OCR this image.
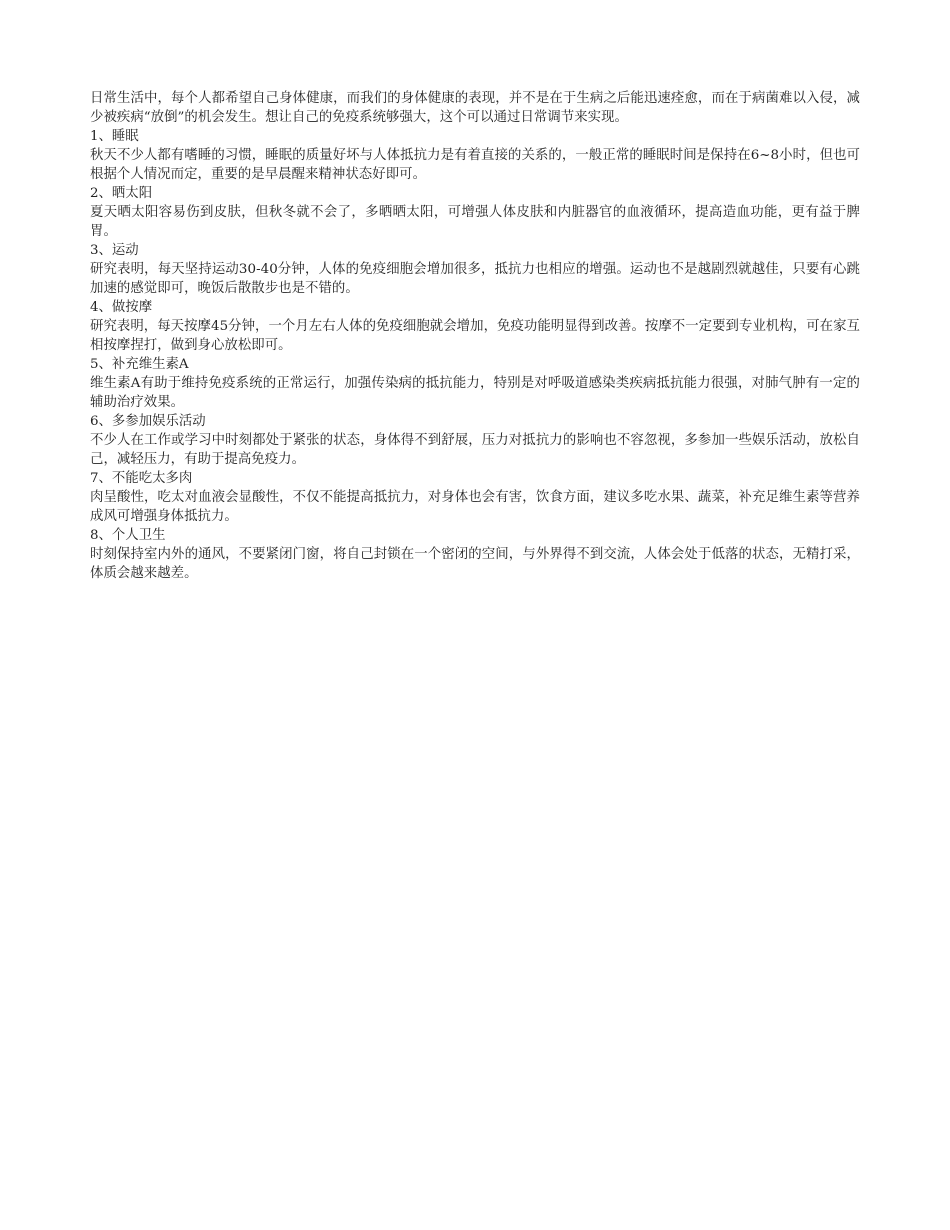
日常生活中，每个人都希望自己身体健康，而我们的身体健康的表现，并不是在于生病之后能迅速痊愈，而在于病菌难以入侵，减少被疾病“放倒”的机会发生。想让自己的免疫系统够强大，这个可以通过日常调节来实现。

1、睡眠

秋天不少人都有嗜睡的习惯，睡眠的质量好坏与人体抵抗力是有着直接的关系的，一般正常的睡眠时间是保持在6~8小时，但也可根据个人情况而定，重要的是早晨醒来精神状态好即可。

2、晒太阳

夏天晒太阳容易伤到皮肤，但秋冬就不会了，多晒晒太阳，可增强人体皮肤和内脏器官的血液循环，提高造血功能，更有益于脾胃。

3、运动

研究表明，每天坚持运动30-40分钟，人体的免疫细胞会增加很多，抵抗力也相应的增强。运动也不是越剧烈就越佳，只要有心跳加速的感觉即可，晚饭后散散步也是不错的。

4、做按摩

研究表明，每天按摩45分钟，一个月左右人体的免疫细胞就会增加，免疫功能明显得到改善。按摩不一定要到专业机构，可在家互相按摩捏打，做到身心放松即可。

5、补充维生素A

维生素A有助于维持免疫系统的正常运行，加强传染病的抵抗能力，特别是对呼吸道感染类疾病抵抗能力很强，对肺气肿有一定的辅助治疗效果。

6、多参加娱乐活动

不少人在工作或学习中时刻都处于紧张的状态，身体得不到舒展，压力对抵抗力的影响也不容忽视，多参加一些娱乐活动，放松自己，减轻压力，有助于提高免疫力。

7、不能吃太多肉

肉呈酸性，吃太对血液会显酸性，不仅不能提高抵抗力，对身体也会有害，饮食方面，建议多吃水果、蔬菜，补充足维生素等营养成风可增强身体抵抗力。

8、个人卫生

时刻保持室内外的通风，不要紧闭门窗，将自己封锁在一个密闭的空间，与外界得不到交流，人体会处于低落的状态，无精打采，体质会越来越差。
